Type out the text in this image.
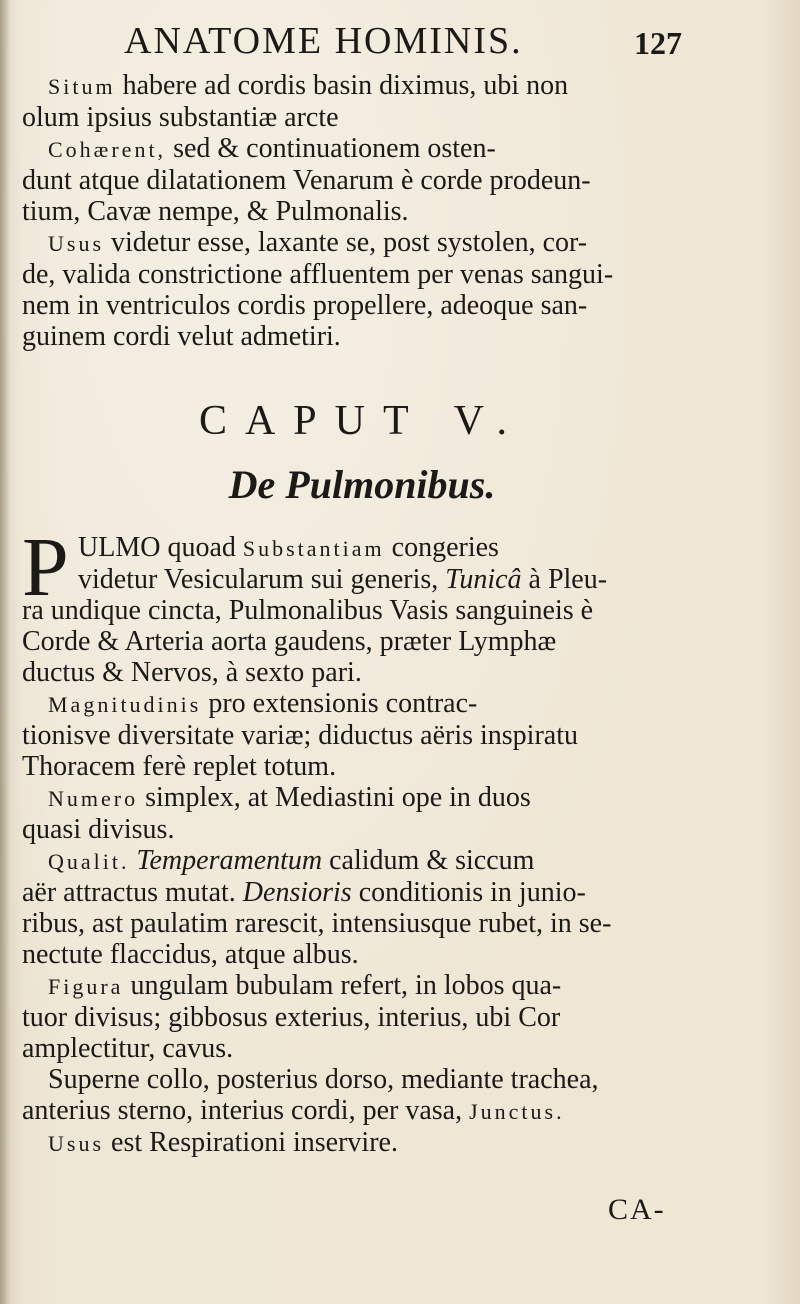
ANATOME HOMINIS.	127
Situm habere ad cordis basin diximus, ubi non
olum ipsius substantiæ arcte
Cohærent, sed & continuationem osten-
dunt atque dilatationem Venarum è corde prodeun-
tium, Cavæ nempe, & Pulmonalis.
Usus videtur esse, laxante se, post systolen, cor-
de, valida constrictione affluentem per venas sangui-
nem in ventriculos cordis propellere, adeoque san-
guinem cordi velut admetiri.
CAPUT V.
De Pulmonibus.
P ULMO quoad Substantiam congeries
videtur Vesicularum sui generis, Tunicâ à Pleu-
ra undique cincta, Pulmonalibus Vasis sanguineis è
Corde & Arteria aorta gaudens, præter Lymphæ
ductus & Nervos, à sexto pari.
Magnitudinis pro extensionis contrac-
tionisve diversitate variæ; diductus aëris inspiratu
Thoracem ferè replet totum.
Numero simplex, at Mediastini ope in duos
quasi divisus.
Qualit. Temperamentum calidum & siccum
aër attractus mutat. Densioris conditionis in junio-
ribus, ast paulatim rarescit, intensiusque rubet, in se-
nectute flaccidus, atque albus.
Figura ungulam bubulam refert, in lobos qua-
tuor divisus; gibbosus exterius, interius, ubi Cor
amplectitur, cavus.
Superne collo, posterius dorso, mediante trachea,
anterius sterno, interius cordi, per vasa, Junctus.
Usus est Respirationi inservire.
CA-
